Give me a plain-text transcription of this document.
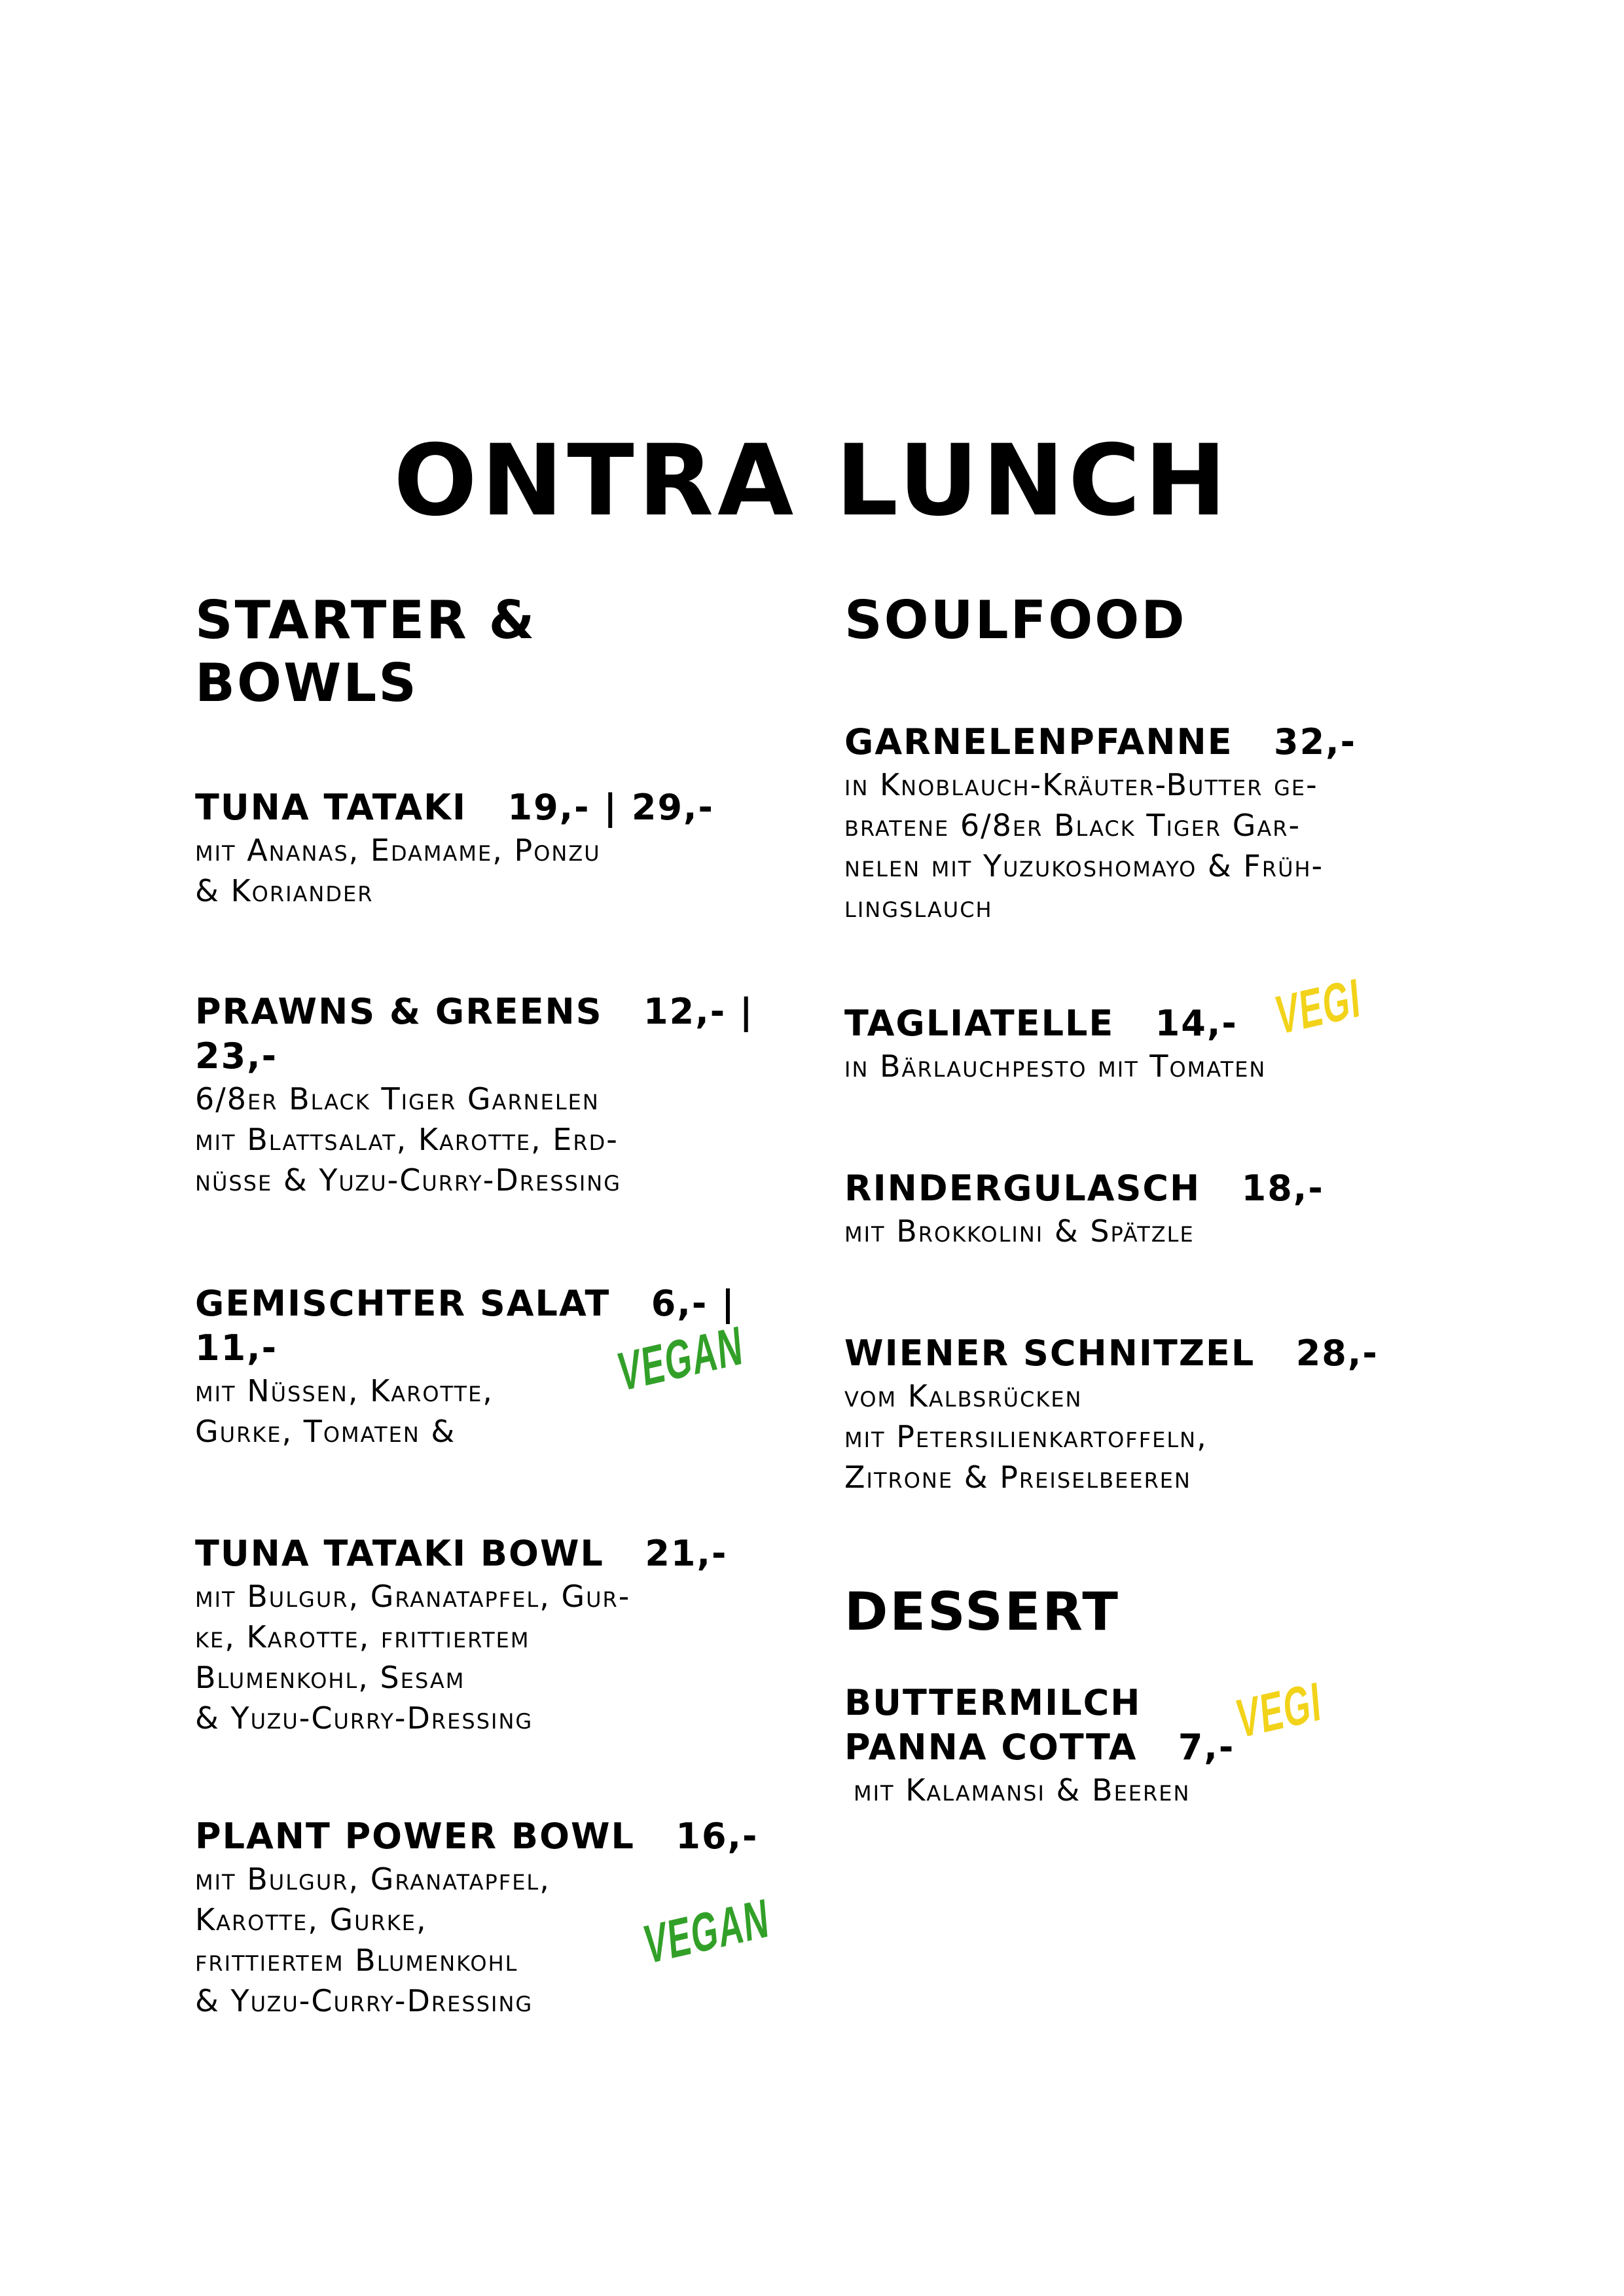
ONTRA LUNCH
STARTER &
BOWLS
TUNA TATAKI 19,- | 29,-
mit Ananas, Edamame, Ponzu
& Koriander
PRAWNS & GREENS 12,- |
23,-
6/8er Black Tiger Garnelen
mit Blattsalat, Karotte, Erd-
nüsse & Yuzu-Curry-Dressing
GEMISCHTER SALAT 6,- |
11,-
mit Nüssen, Karotte,
Gurke, Tomaten &
VEGAN
TUNA TATAKI BOWL 21,-
mit Bulgur, Granatapfel, Gur-
ke, Karotte, frittiertem
Blumenkohl, Sesam
& Yuzu-Curry-Dressing
PLANT POWER BOWL 16,-
mit Bulgur, Granatapfel,
Karotte, Gurke,
frittiertem Blumenkohl
& Yuzu-Curry-Dressing
VEGAN
SOULFOOD
GARNELENPFANNE 32,-
in Knoblauch-Kräuter-Butter ge-
bratene 6/8er Black Tiger Gar-
nelen mit Yuzukoshomayo & Früh-
lingslauch
TAGLIATELLE 14,-
in Bärlauchpesto mit Tomaten
VEGI
RINDERGULASCH 18,-
mit Brokkolini & Spätzle
WIENER SCHNITZEL 28,-
vom Kalbsrücken
mit Petersilienkartoffeln,
Zitrone & Preiselbeeren
DESSERT
BUTTERMILCH
PANNA COTTA 7,-
mit Kalamansi & Beeren
VEGI
